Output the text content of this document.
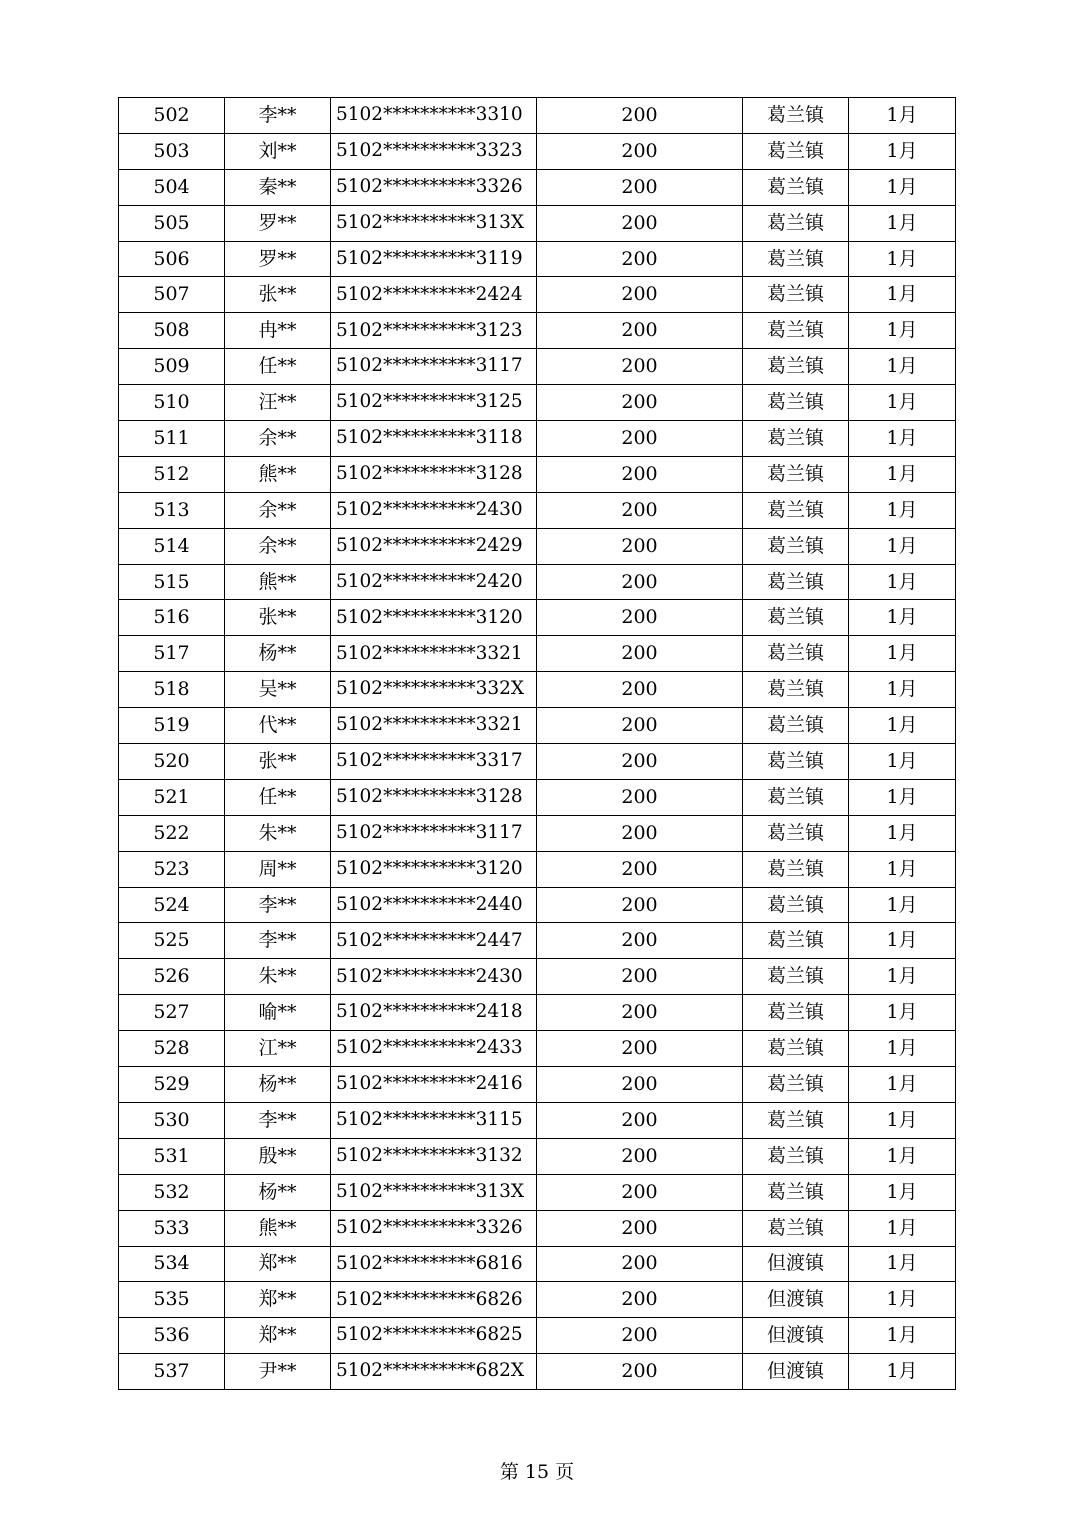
502	李**	5102**********3310	200	葛兰镇	1月
503	刘**	5102**********3323	200	葛兰镇	1月
504	秦**	5102**********3326	200	葛兰镇	1月
505	罗**	5102**********313X	200	葛兰镇	1月
506	罗**	5102**********3119	200	葛兰镇	1月
507	张**	5102**********2424	200	葛兰镇	1月
508	冉**	5102**********3123	200	葛兰镇	1月
509	任**	5102**********3117	200	葛兰镇	1月
510	汪**	5102**********3125	200	葛兰镇	1月
511	余**	5102**********3118	200	葛兰镇	1月
512	熊**	5102**********3128	200	葛兰镇	1月
513	余**	5102**********2430	200	葛兰镇	1月
514	余**	5102**********2429	200	葛兰镇	1月
515	熊**	5102**********2420	200	葛兰镇	1月
516	张**	5102**********3120	200	葛兰镇	1月
517	杨**	5102**********3321	200	葛兰镇	1月
518	吴**	5102**********332X	200	葛兰镇	1月
519	代**	5102**********3321	200	葛兰镇	1月
520	张**	5102**********3317	200	葛兰镇	1月
521	任**	5102**********3128	200	葛兰镇	1月
522	朱**	5102**********3117	200	葛兰镇	1月
523	周**	5102**********3120	200	葛兰镇	1月
524	李**	5102**********2440	200	葛兰镇	1月
525	李**	5102**********2447	200	葛兰镇	1月
526	朱**	5102**********2430	200	葛兰镇	1月
527	喻**	5102**********2418	200	葛兰镇	1月
528	江**	5102**********2433	200	葛兰镇	1月
529	杨**	5102**********2416	200	葛兰镇	1月
530	李**	5102**********3115	200	葛兰镇	1月
531	殷**	5102**********3132	200	葛兰镇	1月
532	杨**	5102**********313X	200	葛兰镇	1月
533	熊**	5102**********3326	200	葛兰镇	1月
534	郑**	5102**********6816	200	但渡镇	1月
535	郑**	5102**********6826	200	但渡镇	1月
536	郑**	5102**********6825	200	但渡镇	1月
537	尹**	5102**********682X	200	但渡镇	1月
第 15 页
